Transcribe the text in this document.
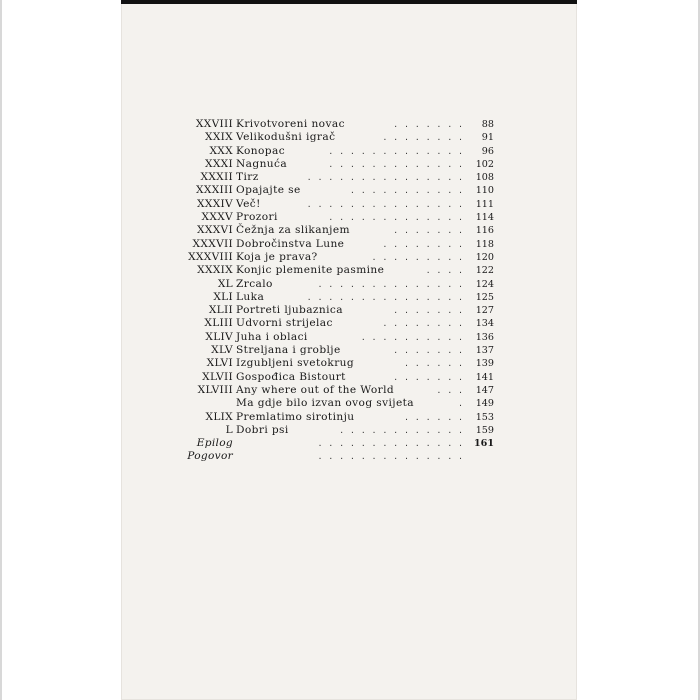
XXVIII Krivotvoreni novac	....... 88
XXIX Velikodušni igrač	........ 91
XXX Konopac	............. 96
XXXI Nagnuća	............. 102
XXXII Tirz	............... 108
XXXIII Opajajte se	........... 110
XXXIV Več!	............... 111
XXXV Prozori	............. 114
XXXVI Čežnja za slikanjem	....... 116
XXXVII Dobročinstva Lune	........ 118
XXXVIII Koja je prava?	......... 120
XXXIX Konjic plemenite pasmine	.... 122
XL Zrcalo	.............. 124
XLI Luka	............... 125
XLII Portreti ljubaznica	....... 127
XLIII Udvorni strijelac	........ 134
XLIV Juha i oblaci	.......... 136
XLV Streljana i groblje	....... 137
XLVI Izgubljeni svetokrug	...... 139
XLVII Gospođica Bistourt	....... 141
XLVIII Any where out of the World	... 147
Ma gdje bilo izvan ovog svijeta	. 149
XLIX Premlatimo sirotinju	...... 153
L Dobri psi	............ 159
Epilog	.............. 161
Pogovor	..............
